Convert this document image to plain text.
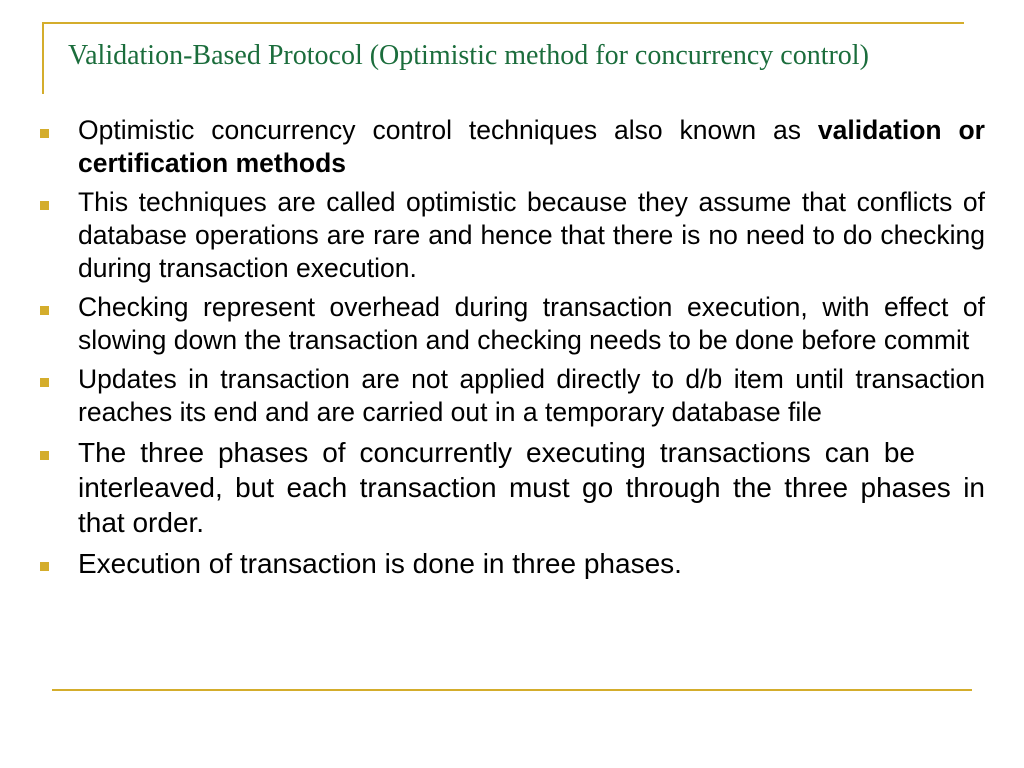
Validation-Based Protocol (Optimistic method for concurrency control)
Optimistic concurrency control techniques also known as validation or certification methods
This techniques are called optimistic because they assume that conflicts of database operations are rare and hence that there is no need to do checking during transaction execution.
Checking represent overhead during transaction execution, with effect of slowing down the transaction and checking needs to be done before commit
Updates in transaction are not applied directly to d/b item until transaction reaches its end and are carried out in a temporary database file
The three phases of concurrently executing transactions can beinterleaved, but each transaction must go through the three phases in that order.
Execution of transaction is done in three phases.
